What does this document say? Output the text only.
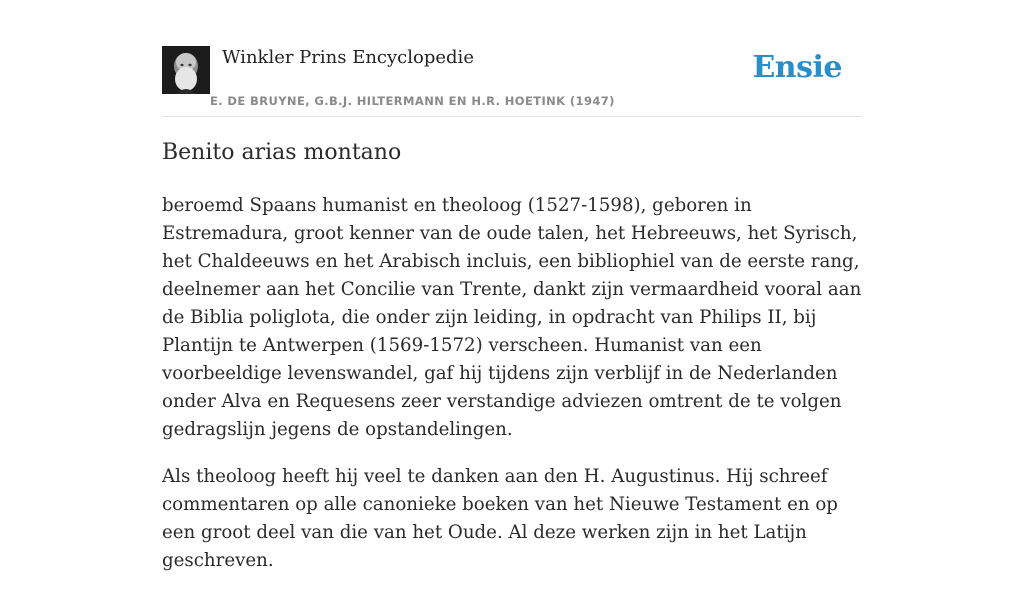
Winkler Prins Encyclopedie
E. DE BRUYNE, G.B.J. HILTERMANN EN H.R. HOETINK (1947)
Ensie
Benito arias montano

beroemd Spaans humanist en theoloog (1527-1598), geboren in Estremadura, groot kenner van de oude talen, het Hebreeuws, het Syrisch, het Chaldeeuws en het Arabisch incluis, een bibliophiel van de eerste rang, deelnemer aan het Concilie van Trente, dankt zijn vermaardheid vooral aan de Biblia poliglota, die onder zijn leiding, in opdracht van Philips II, bij Plantijn te Antwerpen (1569-1572) verscheen. Humanist van een voorbeeldige levenswandel, gaf hij tijdens zijn verblijf in de Nederlanden onder Alva en Requesens zeer verstandige adviezen omtrent de te volgen gedragslijn jegens de opstandelingen.

Als theoloog heeft hij veel te danken aan den H. Augustinus. Hij schreef commentaren op alle canonieke boeken van het Nieuwe Testament en op een groot deel van die van het Oude. Al deze werken zijn in het Latijn geschreven.
